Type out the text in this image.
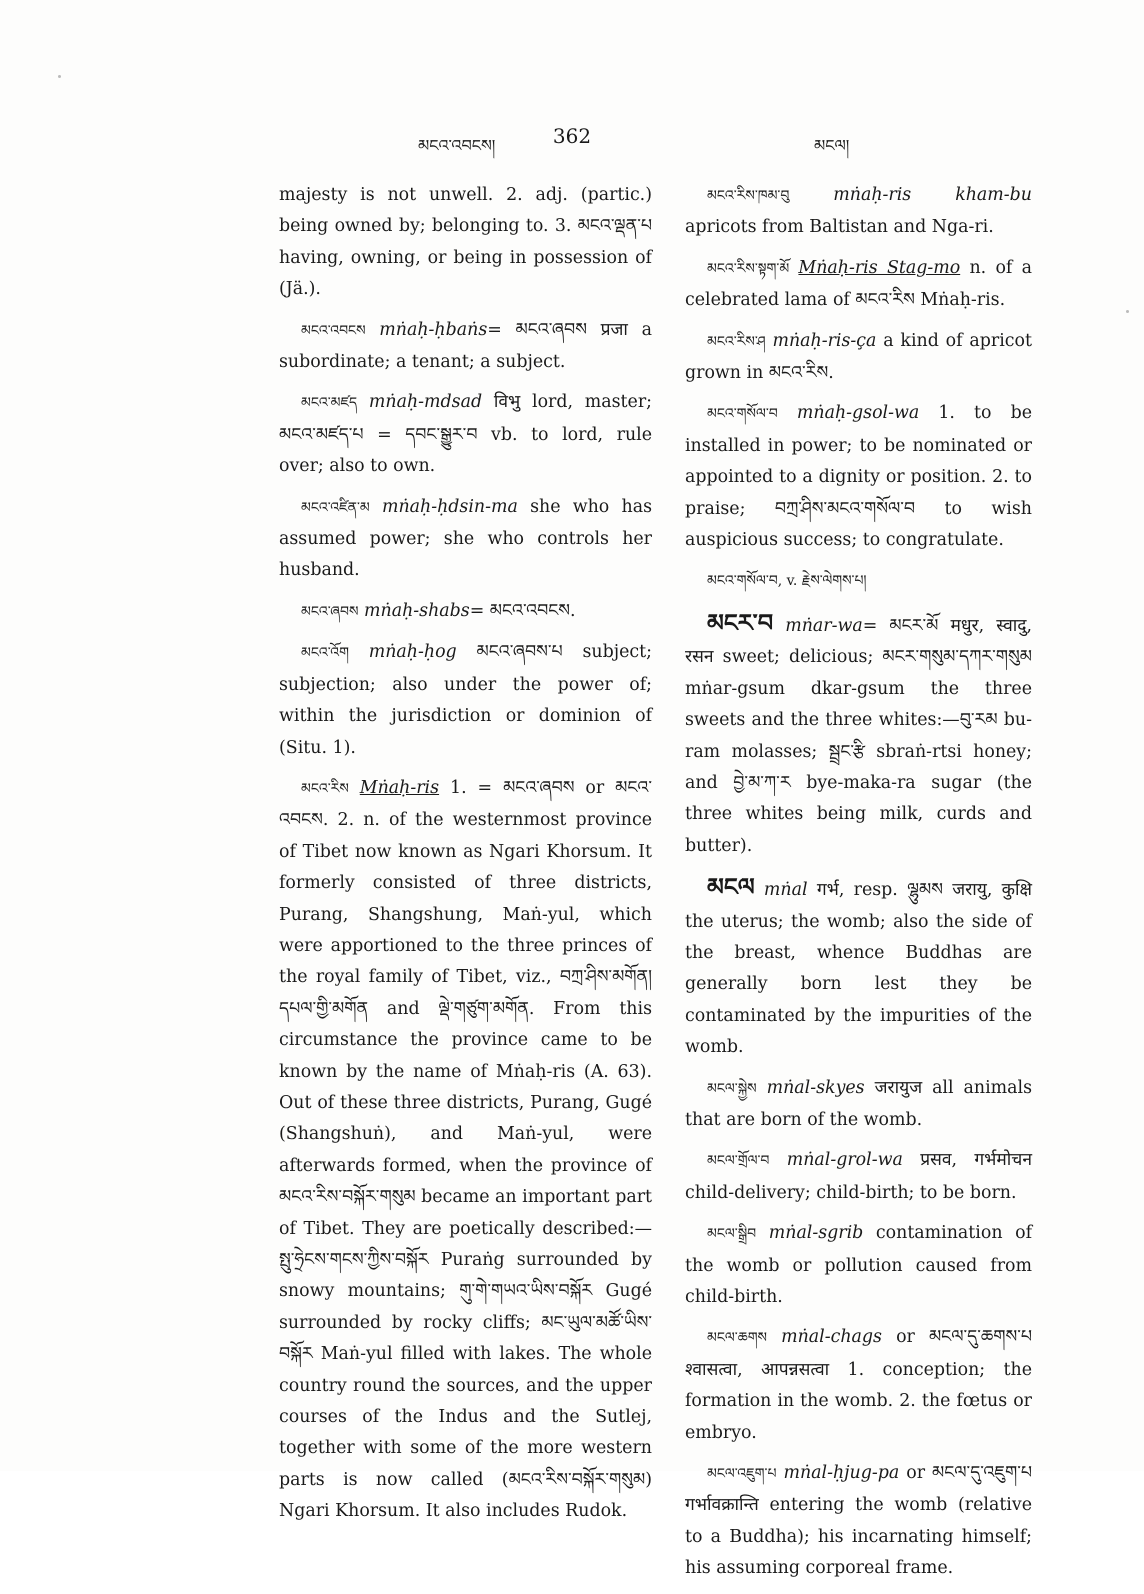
མངའ་འབངས།	362	མངལ།

majesty is not unwell. 2. adj. (partic.) being owned by; belonging to. 3. མངའ་ལྡན་པ having, owning, or being in possession of (Jä.).

མངའ་འབངས mṅaḥ-ḥbaṅs= མངའ་ཞབས प्रजा a subordinate; a tenant; a subject.

མངའ་མཛད mṅaḥ-mdsad विभु lord, master; མངའ་མཛད་པ = དབང་སྒྱུར་བ vb. to lord, rule over; also to own.

མངའ་འཛིན་མ mṅaḥ-ḥdsin-ma she who has assumed power; she who controls her husband.

མངའ་ཞབས mṅaḥ-shabs= མངའ་འབངས.

མངའ་འོག mṅaḥ-ḥog མངའ་ཞབས་པ subject; subjection; also under the power of; within the jurisdiction or dominion of (Situ. 1).

མངའ་རིས Mṅaḥ-ris 1. = མངའ་ཞབས or མངའ་འབངས. 2. n. of the westernmost province of Tibet now known as Ngari Khorsum. It formerly consisted of three districts, Purang, Shangshung, Maṅ-yul, which were apportioned to the three princes of the royal family of Tibet, viz., བཀྲ་ཤིས་མགོན། དཔལ་གྱི་མགོན and ལྡེ་གཙུག་མགོན. From this circumstance the province came to be known by the name of Mṅaḥ-ris (A. 63). Out of these three districts, Purang, Gugé (Shangshuṅ), and Maṅ-yul, were afterwards formed, when the province of མངའ་རིས་བསྐོར་གསུམ became an important part of Tibet. They are poetically described:— སྤུ་ཧྲེངས་གངས་ཀྱིས་བསྐོར Puraṅg surrounded by snowy mountains; གུ་གེ་གཡའ་ཡིས་བསྐོར Gugé surrounded by rocky cliffs; མང་ཡུལ་མཚོ་ཡིས་བསྐོར Maṅ-yul filled with lakes. The whole country round the sources, and the upper courses of the Indus and the Sutlej, together with some of the more western parts is now called (མངའ་རིས་བསྐོར་གསུམ) Ngari Khorsum. It also includes Rudok.

མངའ་རིས་ཁམ་བུ	mṅaḥ-ris kham-bu apricots from Baltistan and Nga-ri.

མངའ་རིས་སྟག་མོ Mṅaḥ-ris Stag-mo n. of a celebrated lama of མངའ་རིས Mṅaḥ-ris.

མངའ་རིས་ཤ mṅaḥ-ris-ça a kind of apricot grown in མངའ་རིས.

མངའ་གསོལ་བ mṅaḥ-gsol-wa 1. to be installed in power; to be nominated or appointed to a dignity or position. 2. to praise; བཀྲ་ཤིས་མངའ་གསོལ་བ to wish auspicious success; to congratulate.

མངའ་གསོལ་བ, v. རྗེས་ལེགས་པ།

མངར་བ mṅar-wa= མངར་མོ मधुर, स्वादु, रसन sweet; delicious; མངར་གསུམ་དཀར་གསུམ mṅar-gsum dkar-gsum the three sweets and the three whites:—བུ་རམ bu-ram molasses; སྦྲང་རྩི sbraṅ-rtsi honey; and བྱེ་མ་ཀ་ར bye-maka-ra sugar (the three whites being milk, curds and butter).

མངལ mṅal गर्भ, resp. ལྷུམས जरायु, कुक्षि the uterus; the womb; also the side of the breast, whence Buddhas are generally born lest they be contaminated by the impurities of the womb.

མངལ་སྐྱེས mṅal-skyes जरायुज all animals that are born of the womb.

མངལ་གྲོལ་བ mṅal-grol-wa प्रसव, गर्भमोचन child-delivery; child-birth; to be born.

མངལ་སྒྲིབ mṅal-sgrib contamination of the womb or pollution caused from child-birth.

མངལ་ཆགས mṅal-chags or མངལ་དུ་ཆགས་པ श्वासत्वा, आपन्नसत्वा 1. conception; the formation in the womb. 2. the fœtus or embryo.

མངལ་འཇུག་པ mṅal-ḥjug-pa or མངལ་དུ་འཇུག་པ गर्भावक्रान्ति entering the womb (relative to a Buddha); his incarnating himself; his assuming corporeal frame.
